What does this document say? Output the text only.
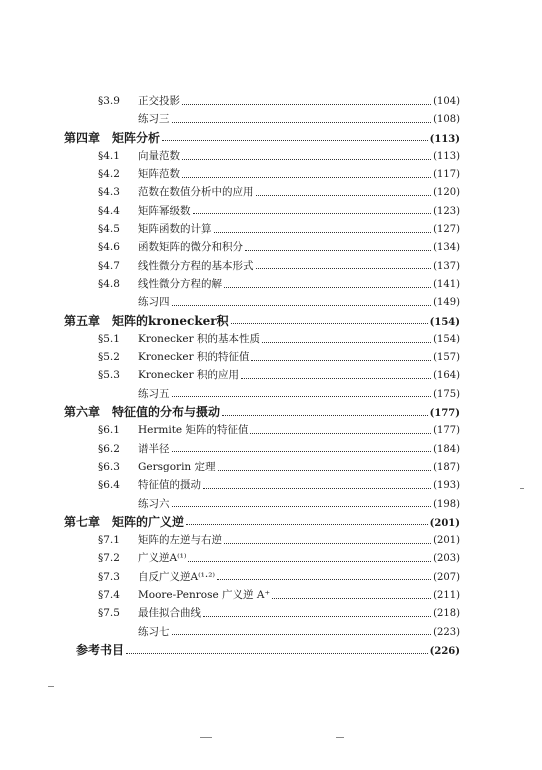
§3.9	正交投影	( 104 )
练习三	( 108 )
第四章 矩阵分析	( 113 )
§4.1	向量范数	( 113 )
§4.2	矩阵范数	( 117 )
§4.3	范数在数值分析中的应用	( 120 )
§4.4	矩阵幂级数	( 123 )
§4.5	矩阵函数的计算	( 127 )
§4.6	函数矩阵的微分和积分	( 134 )
§4.7	线性微分方程的基本形式	( 137 )
§4.8	线性微分方程的解	( 141 )
练习四	( 149 )
第五章 矩阵的kronecker积	( 154 )
§5.1	Kronecker 积的基本性质	( 154 )
§5.2	Kronecker 积的特征值	( 157 )
§5.3	Kronecker 积的应用	( 164 )
练习五	( 175 )
第六章 特征值的分布与摄动	( 177 )
§6.1	Hermite 矩阵的特征值	( 177 )
§6.2	谱半径	( 184 )
§6.3	Gersgorin 定理	( 187 )
§6.4	特征值的摄动	( 193 )
练习六	( 198 )
第七章 矩阵的广义逆	( 201 )
§7.1	矩阵的左逆与右逆	( 201 )
§7.2	广义逆A⁽¹⁾	( 203 )
§7.3	自反广义逆A⁽¹·²⁾	( 207 )
§7.4	Moore-Penrose 广义逆 A⁺	( 211 )
§7.5	最佳拟合曲线	( 218 )
练习七	( 223 )
参考书目	( 226 )
